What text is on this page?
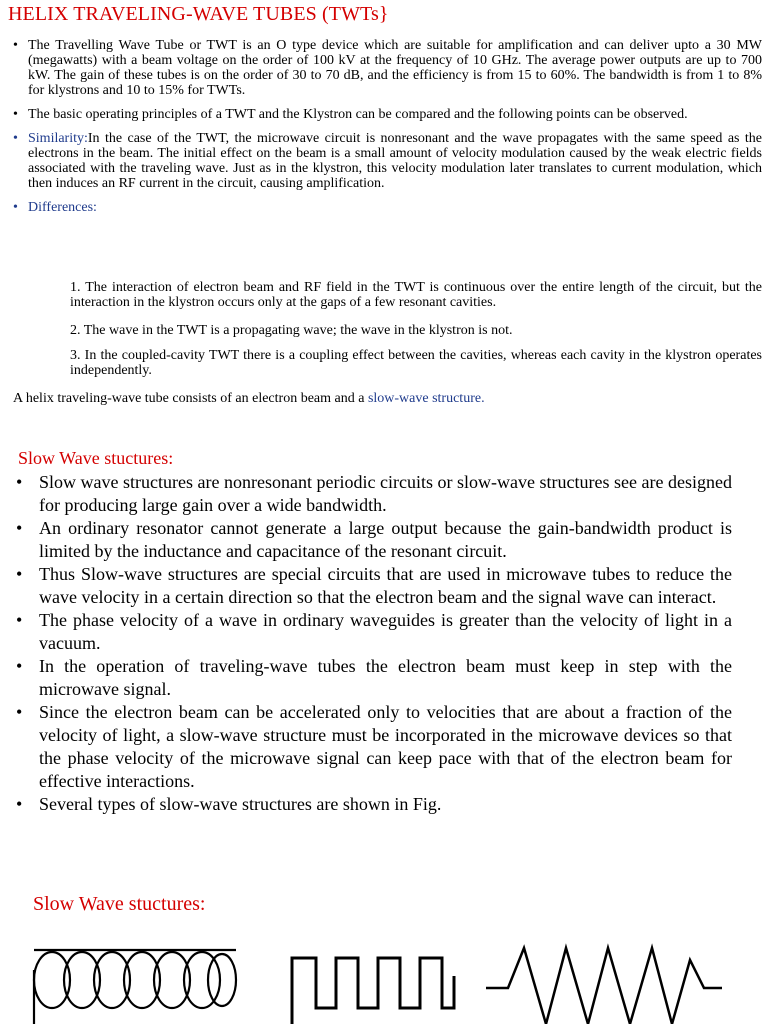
HELIX TRAVELING-WAVE TUBES (TWTs}
• The Travelling Wave Tube or TWT is an O type device which are suitable for amplification and can deliver upto a 30 MW (megawatts) with a beam voltage on the order of 100 kV at the frequency of 10 GHz. The average power outputs are up to 700 kW. The gain of these tubes is on the order of 30 to 70 dB, and the efficiency is from 15 to 60%. The bandwidth is from 1 to 8% for klystrons and 10 to 15% for TWTs.
• The basic operating principles of a TWT and the Klystron can be compared and the following points can be observed.
• Similarity:In the case of the TWT, the microwave circuit is nonresonant and the wave propagates with the same speed as the electrons in the beam. The initial effect on the beam is a small amount of velocity modulation caused by the weak electric fields associated with the traveling wave. Just as in the klystron, this velocity modulation later translates to current modulation, which then induces an RF current in the circuit, causing amplification.
• Differences:

1. The interaction of electron beam and RF field in the TWT is continuous over the entire length of the circuit, but the interaction in the klystron occurs only at the gaps of a few resonant cavities.

2. The wave in the TWT is a propagating wave; the wave in the klystron is not.

3. In the coupled-cavity TWT there is a coupling effect between the cavities, whereas each cavity in the klystron operates independently.

A helix traveling-wave tube consists of an electron beam and a slow-wave structure.
Slow Wave stuctures:
• Slow wave structures are nonresonant periodic circuits or slow-wave structures see are designed for producing large gain over a wide bandwidth.
• An ordinary resonator cannot generate a large output because the gain-bandwidth product is limited by the inductance and capacitance of the resonant circuit.
• Thus Slow-wave structures are special circuits that are used in microwave tubes to reduce the wave velocity in a certain direction so that the electron beam and the signal wave can interact.
• The phase velocity of a wave in ordinary waveguides is greater than the velocity of light in a vacuum.
• In the operation of traveling-wave tubes the electron beam must keep in step with the microwave signal.
• Since the electron beam can be accelerated only to velocities that are about a fraction of the velocity of light, a slow-wave structure must be incorporated in the microwave devices so that the phase velocity of the microwave signal can keep pace with that of the electron beam for effective interactions.
• Several types of slow-wave structures are shown in Fig.
Slow Wave stuctures:
